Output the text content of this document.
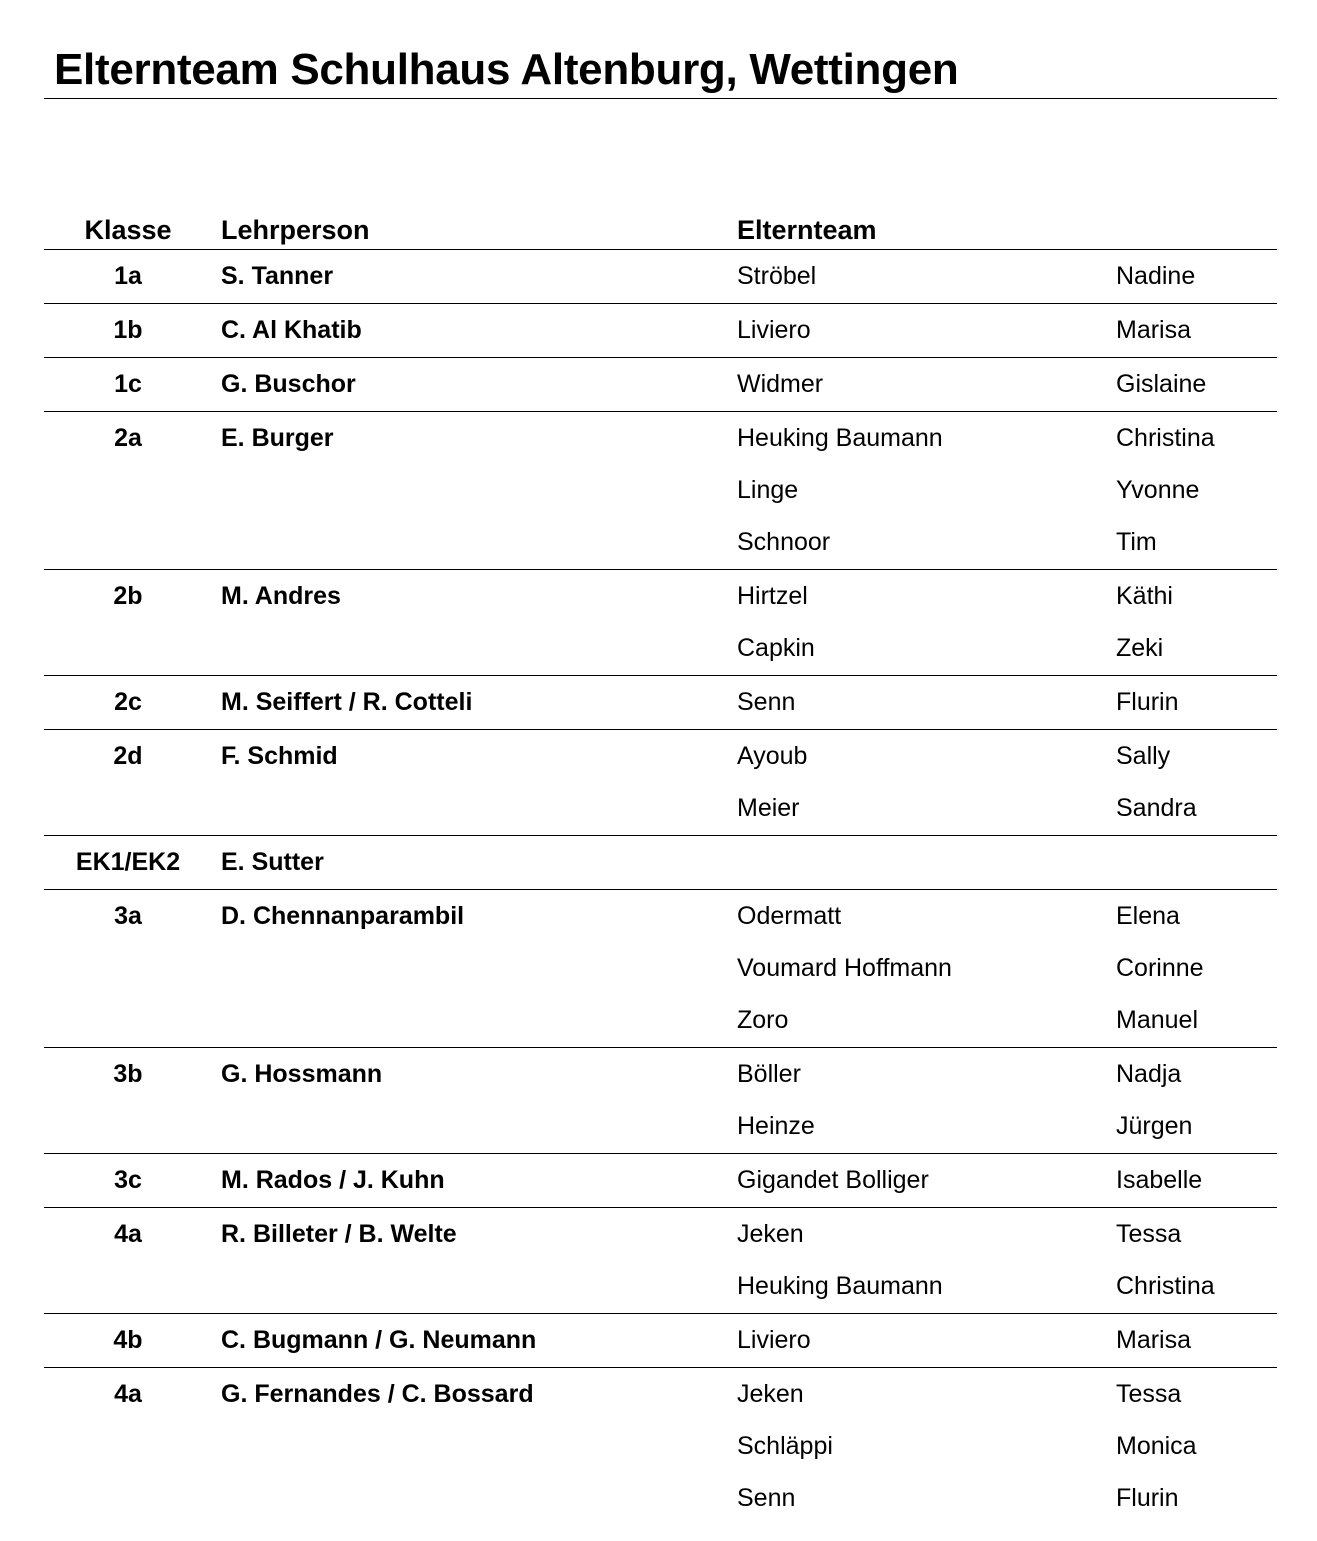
Elternteam Schulhaus Altenburg, Wettingen
Klasse	Lehrperson	Elternteam
1a	S. Tanner	Ströbel	Nadine
1b	C. Al Khatib	Liviero	Marisa
1c	G. Buschor	Widmer	Gislaine
2a	E. Burger	Heuking Baumann	Christina
Linge	Yvonne
Schnoor	Tim
2b	M. Andres	Hirtzel	Käthi
Capkin	Zeki
2c	M. Seiffert / R. Cotteli	Senn	Flurin
2d	F. Schmid	Ayoub	Sally
Meier	Sandra
EK1/EK2	E. Sutter
3a	D. Chennanparambil	Odermatt	Elena
Voumard Hoffmann	Corinne
Zoro	Manuel
3b	G. Hossmann	Böller	Nadja
Heinze	Jürgen
3c	M. Rados / J. Kuhn	Gigandet Bolliger	Isabelle
4a	R. Billeter / B. Welte	Jeken	Tessa
Heuking Baumann	Christina
4b	C. Bugmann / G. Neumann	Liviero	Marisa
4a	G. Fernandes / C. Bossard	Jeken	Tessa
Schläppi	Monica
Senn	Flurin
